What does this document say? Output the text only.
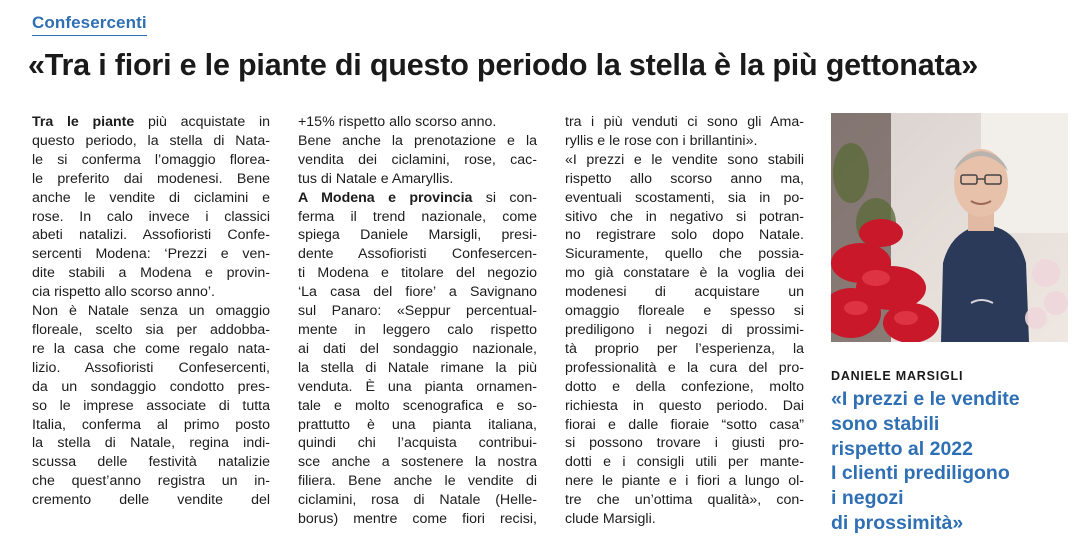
Confesercenti
«Tra i fiori e le piante di questo periodo la stella è la più gettonata»
Tra le piante più acquistate in
questo periodo, la stella di Nata-
le si conferma l’omaggio floreа-
le preferito dai modenesi. Bene
anche le vendite di ciclamini e
rose. In calo invece i classici
abeti natalizi. Assofioristi Confe-
sercenti Modena: ‘Prezzi e ven-
dite stabili a Modena e provin-
cia rispetto allo scorso anno’.
Non è Natale senza un omaggio
floreale, scelto sia per addobba-
re la casa che come regalo nata-
lizio. Assofioristi Confesercenti,
da un sondaggio condotto pres-
so le imprese associate di tutta
Italia, conferma al primo posto
la stella di Natale, regina indi-
scussa delle festività natalizie
che quest’anno registra un in-
cremento delle vendite del
+15% rispetto allo scorso anno.
Bene anche la prenotazione e la
vendita dei ciclamini, rose, cac-
tus di Natale e Amaryllis.
A Modena e provincia si con-
ferma il trend nazionale, come
spiega Daniele Marsigli, presi-
dente Assofioristi Confesercen-
ti Modena e titolare del negozio
‘La casa del fiore’ a Savignano
sul Panaro: «Seppur percentual-
mente in leggero calo rispetto
ai dati del sondaggio nazionale,
la stella di Natale rimane la più
venduta. È una pianta ornamen-
tale e molto scenografica e so-
prattutto è una pianta italiana,
quindi chi l’acquista contribui-
sce anche a sostenere la nostra
filiera. Bene anche le vendite di
ciclamini, rosa di Natale (Helle-
borus) mentre come fiori recisi,
tra i più venduti ci sono gli Ama-
ryllis e le rose con i brillantini».
«I prezzi e le vendite sono stabili
rispetto allo scorso anno ma,
eventuali scostamenti, sia in po-
sitivo che in negativo si potran-
no registrare solo dopo Natale.
Sicuramente, quello che possia-
mo già constatare è la voglia dei
modenesi di acquistare un
omaggio floreale e spesso si
prediligono i negozi di prossimi-
tà proprio per l’esperienza, la
professionalità e la cura del pro-
dotto e della confezione, molto
richiesta in questo periodo. Dai
fiorai e dalle fioraie “sotto casa”
si possono trovare i giusti pro-
dotti e i consigli utili per mante-
nere le piante e i fiori a lungo ol-
tre che un’ottima qualità», con-
clude Marsigli.
DANIELE MARSIGLI
«I prezzi e le vendite
sono stabili
rispetto al 2022
I clienti prediligono
i negozi
di prossimità»
